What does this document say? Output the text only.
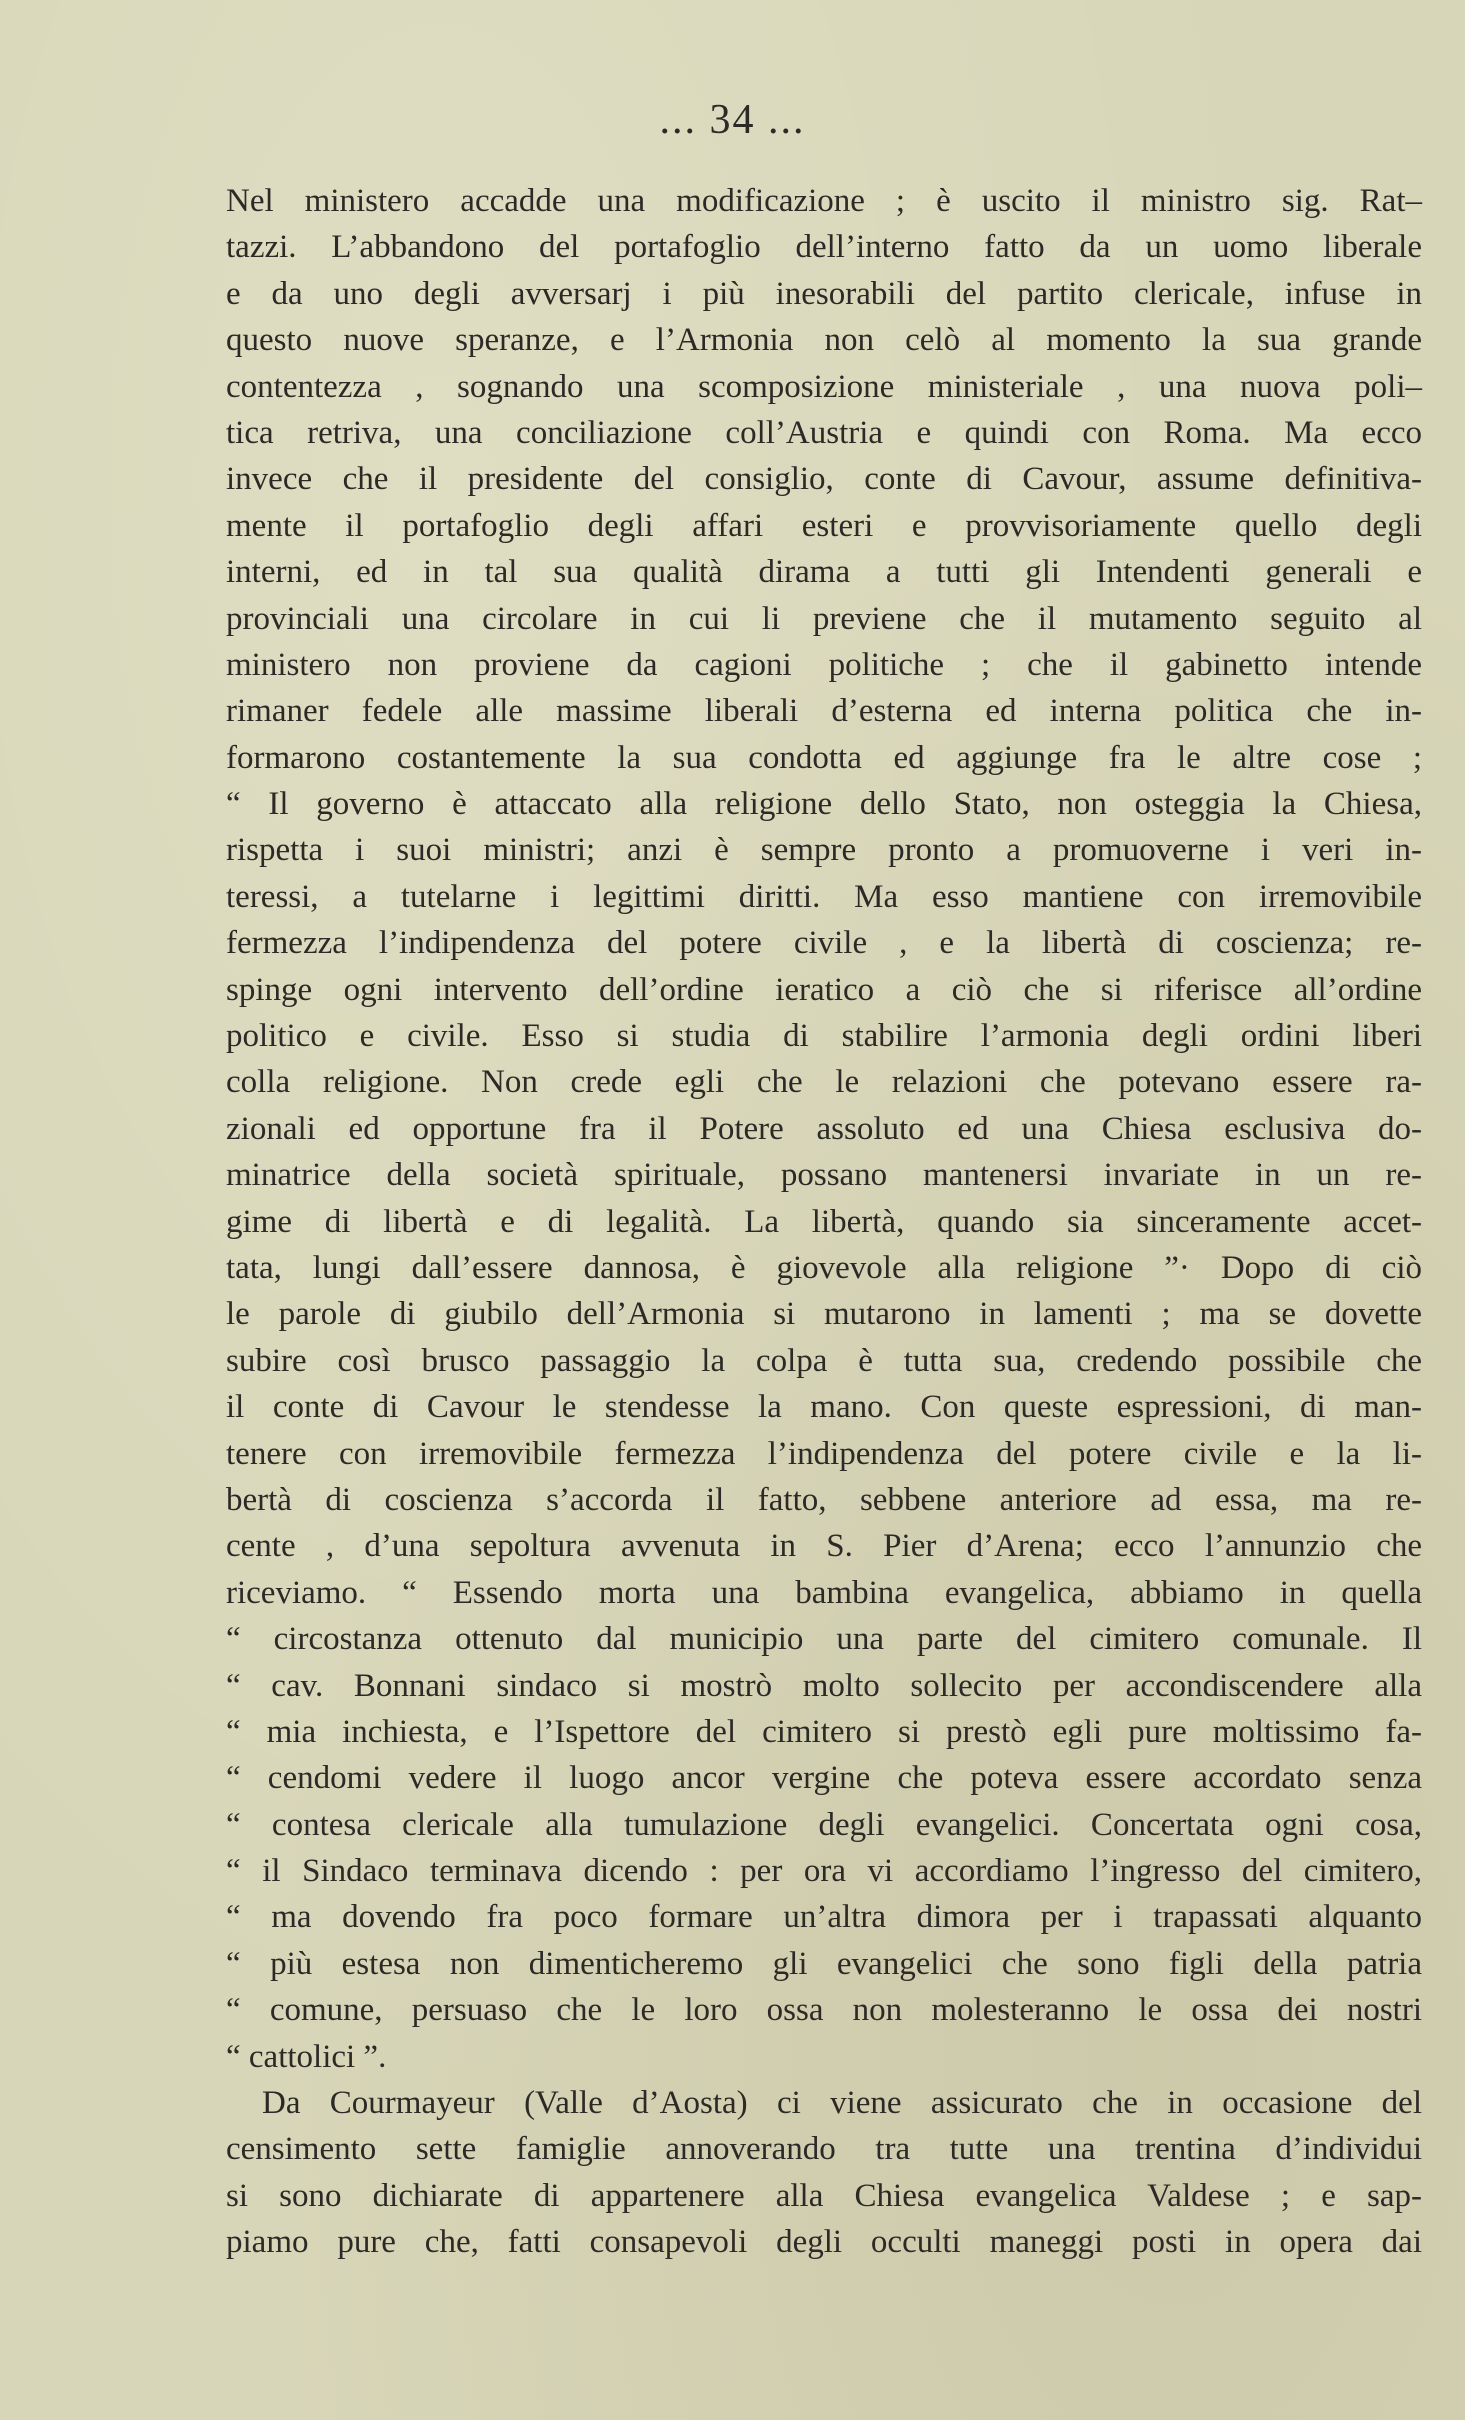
... 34 ...
Nel ministero accadde una modificazione ; è uscito il ministro sig. Rat–
tazzi. L’abbandono del portafoglio dell’interno fatto da un uomo liberale
e da uno degli avversarj i più inesorabili del partito clericale, infuse in
questo nuove speranze, e l’Armonia non celò al momento la sua grande
contentezza , sognando una scomposizione ministeriale , una nuova poli–
tica retriva, una conciliazione coll’Austria e quindi con Roma. Ma ecco
invece che il presidente del consiglio, conte di Cavour, assume definitiva-
mente il portafoglio degli affari esteri e provvisoriamente quello degli
interni, ed in tal sua qualità dirama a tutti gli Intendenti generali e
provinciali una circolare in cui li previene che il mutamento seguito al
ministero non proviene da cagioni politiche ; che il gabinetto intende
rimaner fedele alle massime liberali d’esterna ed interna politica che in-
formarono costantemente la sua condotta ed aggiunge fra le altre cose ;
“ Il governo è attaccato alla religione dello Stato, non osteggia la Chiesa,
rispetta i suoi ministri; anzi è sempre pronto a promuoverne i veri in-
teressi, a tutelarne i legittimi diritti. Ma esso mantiene con irremovibile
fermezza l’indipendenza del potere civile , e la libertà di coscienza; re-
spinge ogni intervento dell’ordine ieratico a ciò che si riferisce all’ordine
politico e civile. Esso si studia di stabilire l’armonia degli ordini liberi
colla religione. Non crede egli che le relazioni che potevano essere ra-
zionali ed opportune fra il Potere assoluto ed una Chiesa esclusiva do-
minatrice della società spirituale, possano mantenersi invariate in un re-
gime di libertà e di legalità. La libertà, quando sia sinceramente accet-
tata, lungi dall’essere dannosa, è giovevole alla religione ”· Dopo di ciò
le parole di giubilo dell’Armonia si mutarono in lamenti ; ma se dovette
subire così brusco passaggio la colpa è tutta sua, credendo possibile che
il conte di Cavour le stendesse la mano. Con queste espressioni, di man-
tenere con irremovibile fermezza l’indipendenza del potere civile e la li-
bertà di coscienza s’accorda il fatto, sebbene anteriore ad essa, ma re-
cente , d’una sepoltura avvenuta in S. Pier d’Arena; ecco l’annunzio che
riceviamo. “ Essendo morta una bambina evangelica, abbiamo in quella
“ circostanza ottenuto dal municipio una parte del cimitero comunale. Il
“ cav. Bonnani sindaco si mostrò molto sollecito per accondiscendere alla
“ mia inchiesta, e l’Ispettore del cimitero si prestò egli pure moltissimo fa-
“ cendomi vedere il luogo ancor vergine che poteva essere accordato senza
“ contesa clericale alla tumulazione degli evangelici. Concertata ogni cosa,
“ il Sindaco terminava dicendo : per ora vi accordiamo l’ingresso del cimitero,
“ ma dovendo fra poco formare un’altra dimora per i trapassati alquanto
“ più estesa non dimenticheremo gli evangelici che sono figli della patria
“ comune, persuaso che le loro ossa non molesteranno le ossa dei nostri
“ cattolici ”.
Da Courmayeur (Valle d’Aosta) ci viene assicurato che in occasione del
censimento sette famiglie annoverando tra tutte una trentina d’individui
si sono dichiarate di appartenere alla Chiesa evangelica Valdese ; e sap-
piamo pure che, fatti consapevoli degli occulti maneggi posti in opera dai
